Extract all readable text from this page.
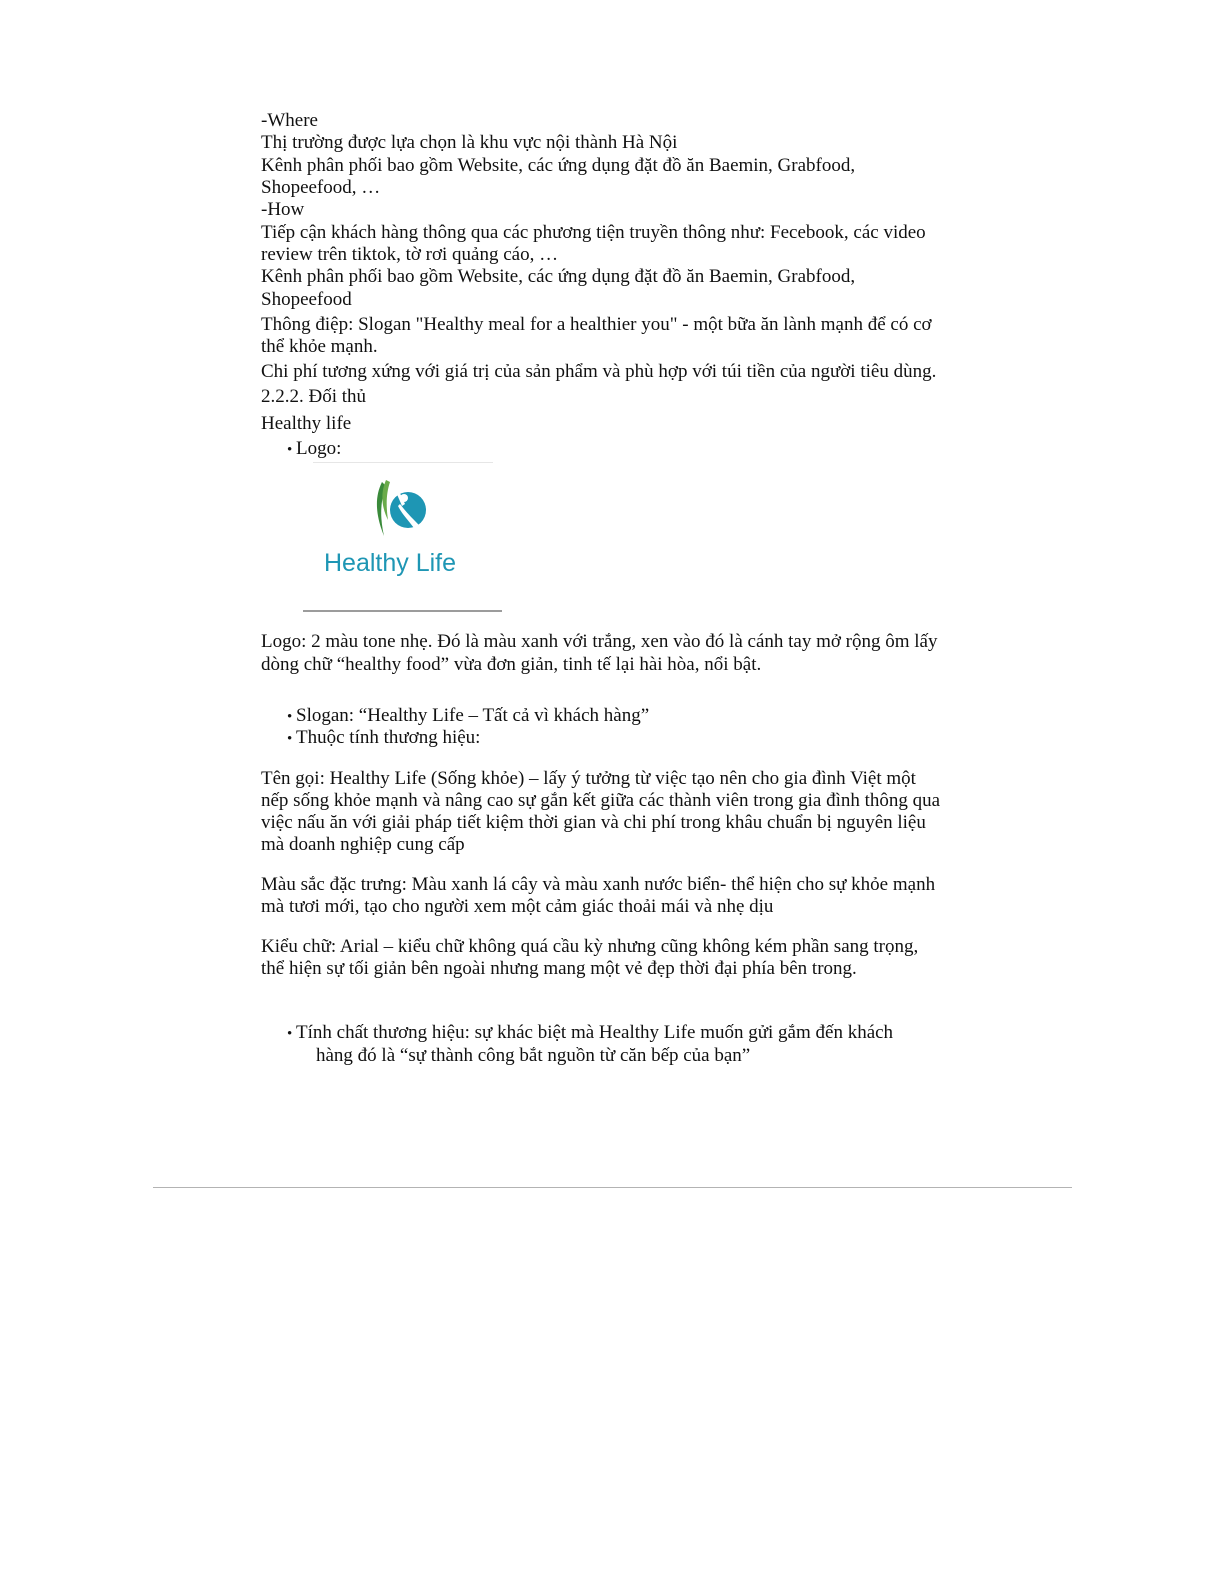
-Where
Thị trường được lựa chọn là khu vực nội thành Hà Nội
Kênh phân phối bao gồm Website, các ứng dụng đặt đồ ăn Baemin, Grabfood,
Shopeefood, …
-How
Tiếp cận khách hàng thông qua các phương tiện truyền thông như: Fecebook, các video
review trên tiktok, tờ rơi quảng cáo, …
Kênh phân phối bao gồm Website, các ứng dụng đặt đồ ăn Baemin, Grabfood,
Shopeefood
Thông điệp: Slogan "Healthy meal for a healthier you" - một bữa ăn lành mạnh để có cơ
thể khỏe mạnh.
Chi phí tương xứng với giá trị của sản phẩm và phù hợp với túi tiền của người tiêu dùng.
2.2.2. Đối thủ
Healthy life
• Logo:
Healthy Life
Logo: 2 màu tone nhẹ. Đó là màu xanh với trắng, xen vào đó là cánh tay mở rộng ôm lấy
dòng chữ “healthy food” vừa đơn giản, tinh tế lại hài hòa, nổi bật.
• Slogan: “Healthy Life – Tất cả vì khách hàng”
• Thuộc tính thương hiệu:
Tên gọi: Healthy Life (Sống khỏe) – lấy ý tưởng từ việc tạo nên cho gia đình Việt một
nếp sống khỏe mạnh và nâng cao sự gắn kết giữa các thành viên trong gia đình thông qua
việc nấu ăn với giải pháp tiết kiệm thời gian và chi phí trong khâu chuẩn bị nguyên liệu
mà doanh nghiệp cung cấp
Màu sắc đặc trưng: Màu xanh lá cây và màu xanh nước biển- thể hiện cho sự khỏe mạnh
mà tươi mới, tạo cho người xem một cảm giác thoải mái và nhẹ dịu
Kiểu chữ: Arial – kiểu chữ không quá cầu kỳ nhưng cũng không kém phần sang trọng,
thể hiện sự tối giản bên ngoài nhưng mang một vẻ đẹp thời đại phía bên trong.
• Tính chất thương hiệu: sự khác biệt mà Healthy Life muốn gửi gắm đến khách
hàng đó là “sự thành công bắt nguồn từ căn bếp của bạn”
